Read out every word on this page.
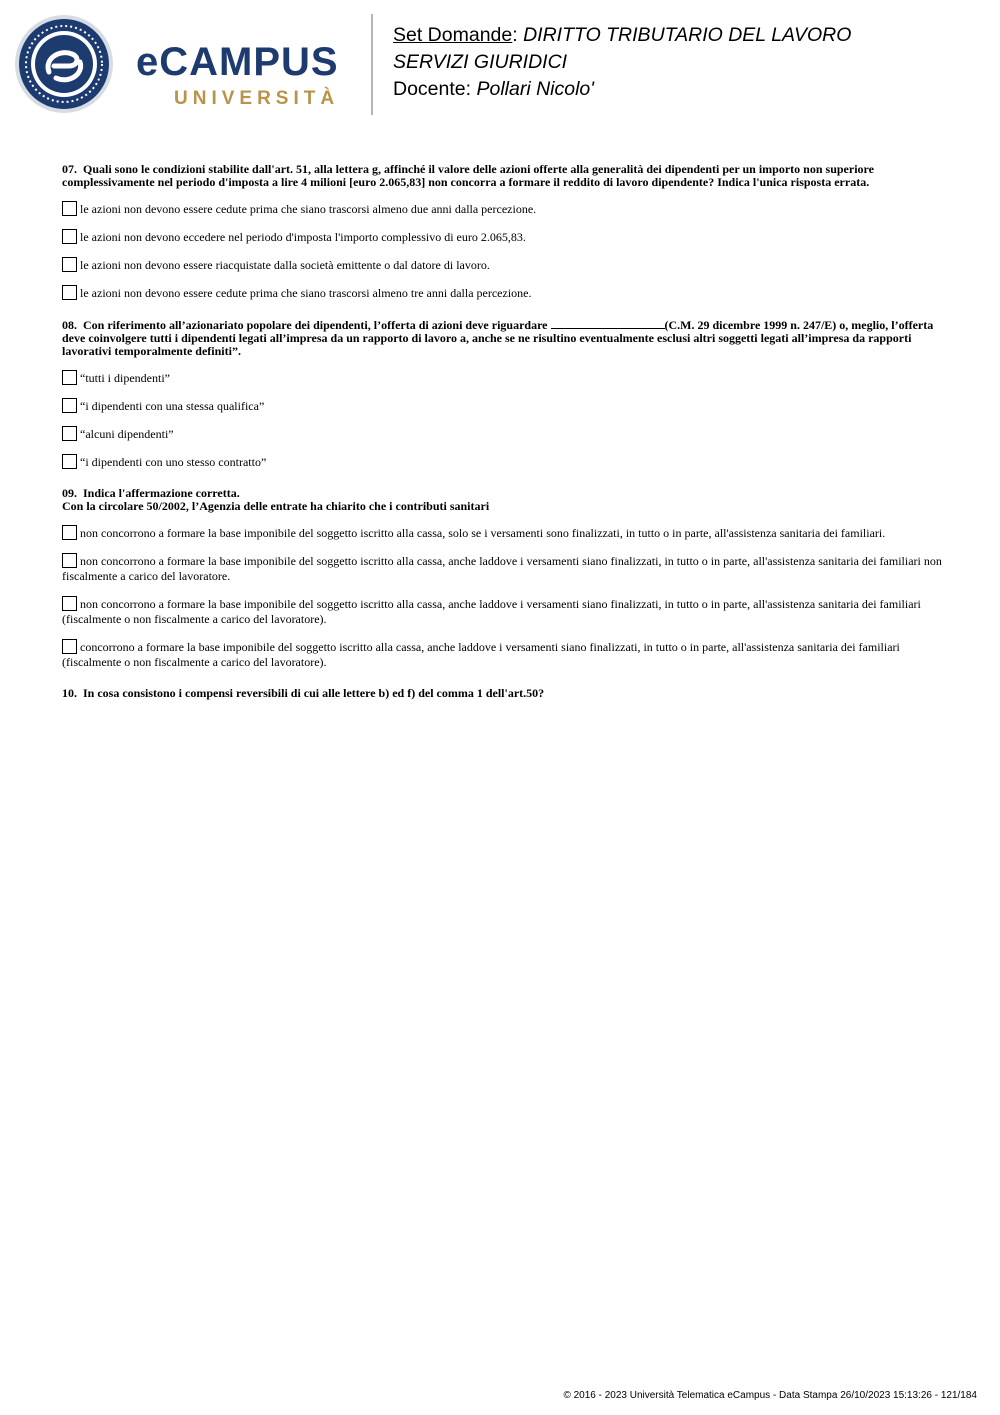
eCAMPUS
UNIVERSITÀ
Set Domande: DIRITTO TRIBUTARIO DEL LAVORO
SERVIZI GIURIDICI
Docente: Pollari Nicolo'
07. Quali sono le condizioni stabilite dall'art. 51, alla lettera g, affinché il valore delle azioni offerte alla generalità dei dipendenti per un importo non superiore complessivamente nel periodo d'imposta a lire 4 milioni [euro 2.065,83] non concorra a formare il reddito di lavoro dipendente? Indica l'unica risposta errata.
le azioni non devono essere cedute prima che siano trascorsi almeno due anni dalla percezione.
le azioni non devono eccedere nel periodo d'imposta l'importo complessivo di euro 2.065,83.
le azioni non devono essere riacquistate dalla società emittente o dal datore di lavoro.
le azioni non devono essere cedute prima che siano trascorsi almeno tre anni dalla percezione.
08. Con riferimento all’azionariato popolare dei dipendenti, l’offerta di azioni deve riguardare	(C.M. 29 dicembre 1999 n. 247/E) o, meglio, l’offerta deve coinvolgere tutti i dipendenti legati all’impresa da un rapporto di lavoro a, anche se ne risultino eventualmente esclusi altri soggetti legati all’impresa da rapporti lavorativi temporalmente definiti”.
“tutti i dipendenti”
“i dipendenti con una stessa qualifica”
“alcuni dipendenti”
“i dipendenti con uno stesso contratto”
09. Indica l'affermazione corretta.
Con la circolare 50/2002, l’Agenzia delle entrate ha chiarito che i contributi sanitari
non concorrono a formare la base imponibile del soggetto iscritto alla cassa, solo se i versamenti sono finalizzati, in tutto o in parte, all'assistenza sanitaria dei familiari.
non concorrono a formare la base imponibile del soggetto iscritto alla cassa, anche laddove i versamenti siano finalizzati, in tutto o in parte, all'assistenza sanitaria dei familiari non fiscalmente a carico del lavoratore.
non concorrono a formare la base imponibile del soggetto iscritto alla cassa, anche laddove i versamenti siano finalizzati, in tutto o in parte, all'assistenza sanitaria dei familiari (fiscalmente o non fiscalmente a carico del lavoratore).
concorrono a formare la base imponibile del soggetto iscritto alla cassa, anche laddove i versamenti siano finalizzati, in tutto o in parte, all'assistenza sanitaria dei familiari (fiscalmente o non fiscalmente a carico del lavoratore).
10. In cosa consistono i compensi reversibili di cui alle lettere b) ed f) del comma 1 dell'art.50?
© 2016 - 2023 Università Telematica eCampus - Data Stampa 26/10/2023 15:13:26 - 121/184
